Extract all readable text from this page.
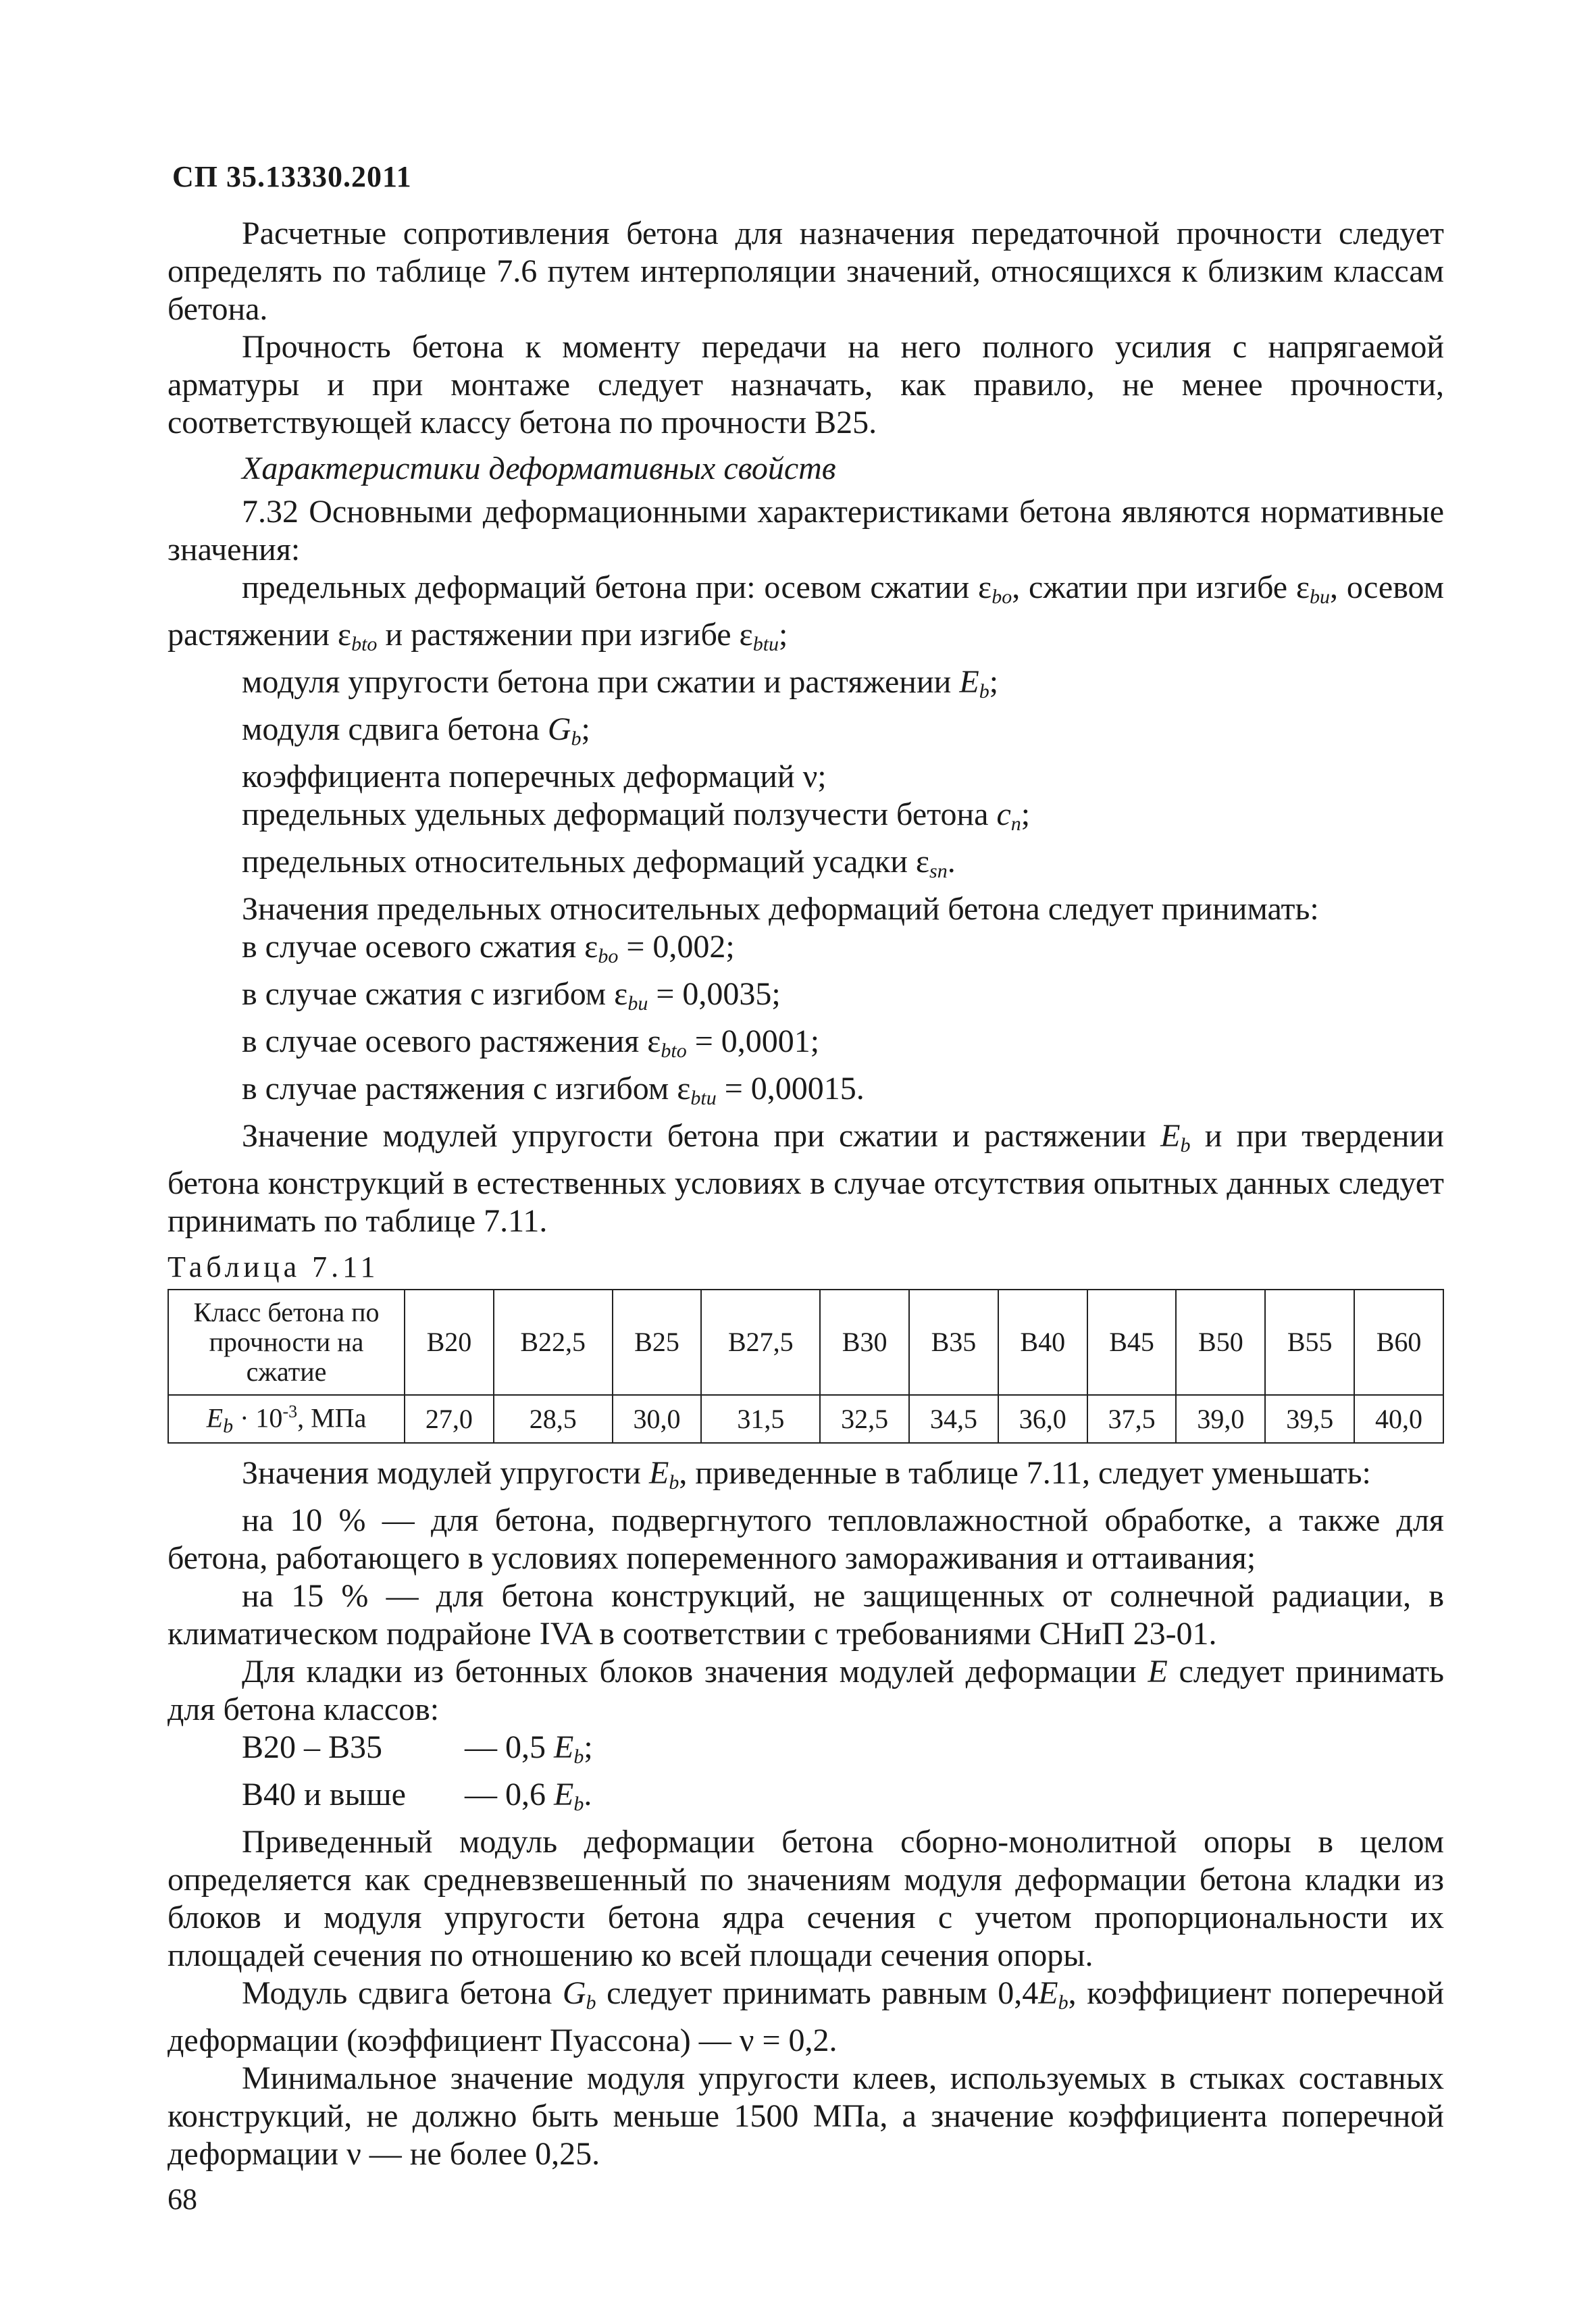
СП 35.13330.2011

Расчетные сопротивления бетона для назначения передаточной прочности следует определять по таблице 7.6 путем интерполяции значений, относящихся к близким классам бетона.

Прочность бетона к моменту передачи на него полного усилия с напрягаемой арматуры и при монтаже следует назначать, как правило, не менее прочности, соответствующей классу бетона по прочности В25.

Характеристики деформативных свойств

7.32 Основными деформационными характеристиками бетона являются нормативные значения:

предельных деформаций бетона при: осевом сжатии $\varepsilon_{bo}$, сжатии при изгибе $\varepsilon_{bu}$, осевом растяжении $\varepsilon_{bto}$ и растяжении при изгибе $\varepsilon_{btu}$;

модуля упругости бетона при сжатии и растяжении $E_b$;

модуля сдвига бетона $G_b$;

коэффициента поперечных деформаций ν;

предельных удельных деформаций ползучести бетона $c_n$;

предельных относительных деформаций усадки $\varepsilon_{sn}$.

Значения предельных относительных деформаций бетона следует принимать:

в случае осевого сжатия $\varepsilon_{bo} = 0,002$;

в случае сжатия с изгибом $\varepsilon_{bu} = 0,0035$;

в случае осевого растяжения $\varepsilon_{bto} = 0,0001$;

в случае растяжения с изгибом $\varepsilon_{btu} = 0,00015$.

Значение модулей упругости бетона при сжатии и растяжении $E_b$ и при твердении бетона конструкций в естественных условиях в случае отсутствия опытных данных следует принимать по таблице 7.11.

Таблица 7.11
Класс бетона по прочности на сжатие	В20	В22,5	В25	В27,5	В30	В35	В40	В45	В50	В55	В60
$E_b \cdot 10^{-3}$, МПа	27,0	28,5	30,0	31,5	32,5	34,5	36,0	37,5	39,0	39,5	40,0

Значения модулей упругости $E_b$, приведенные в таблице 7.11, следует уменьшать:

на 10 % — для бетона, подвергнутого тепловлажностной обработке, а также для бетона, работающего в условиях попеременного замораживания и оттаивания;

на 15 % — для бетона конструкций, не защищенных от солнечной радиации, в климатическом подрайоне IVA в соответствии с требованиями СНиП 23-01.

Для кладки из бетонных блоков значения модулей деформации E следует принимать для бетона классов:

В20 – В35	— 0,5 $E_b$;
В40 и выше	— 0,6 $E_b$.

Приведенный модуль деформации бетона сборно-монолитной опоры в целом определяется как средневзвешенный по значениям модуля деформации бетона кладки из блоков и модуля упругости бетона ядра сечения с учетом пропорциональности их площадей сечения по отношению ко всей площади сечения опоры.

Модуль сдвига бетона $G_b$ следует принимать равным $0,4E_b$, коэффициент поперечной деформации (коэффициент Пуассона) — ν = 0,2.

Минимальное значение модуля упругости клеев, используемых в стыках составных конструкций, не должно быть меньше 1500 МПа, а значение коэффициента поперечной деформации ν — не более 0,25.

68
